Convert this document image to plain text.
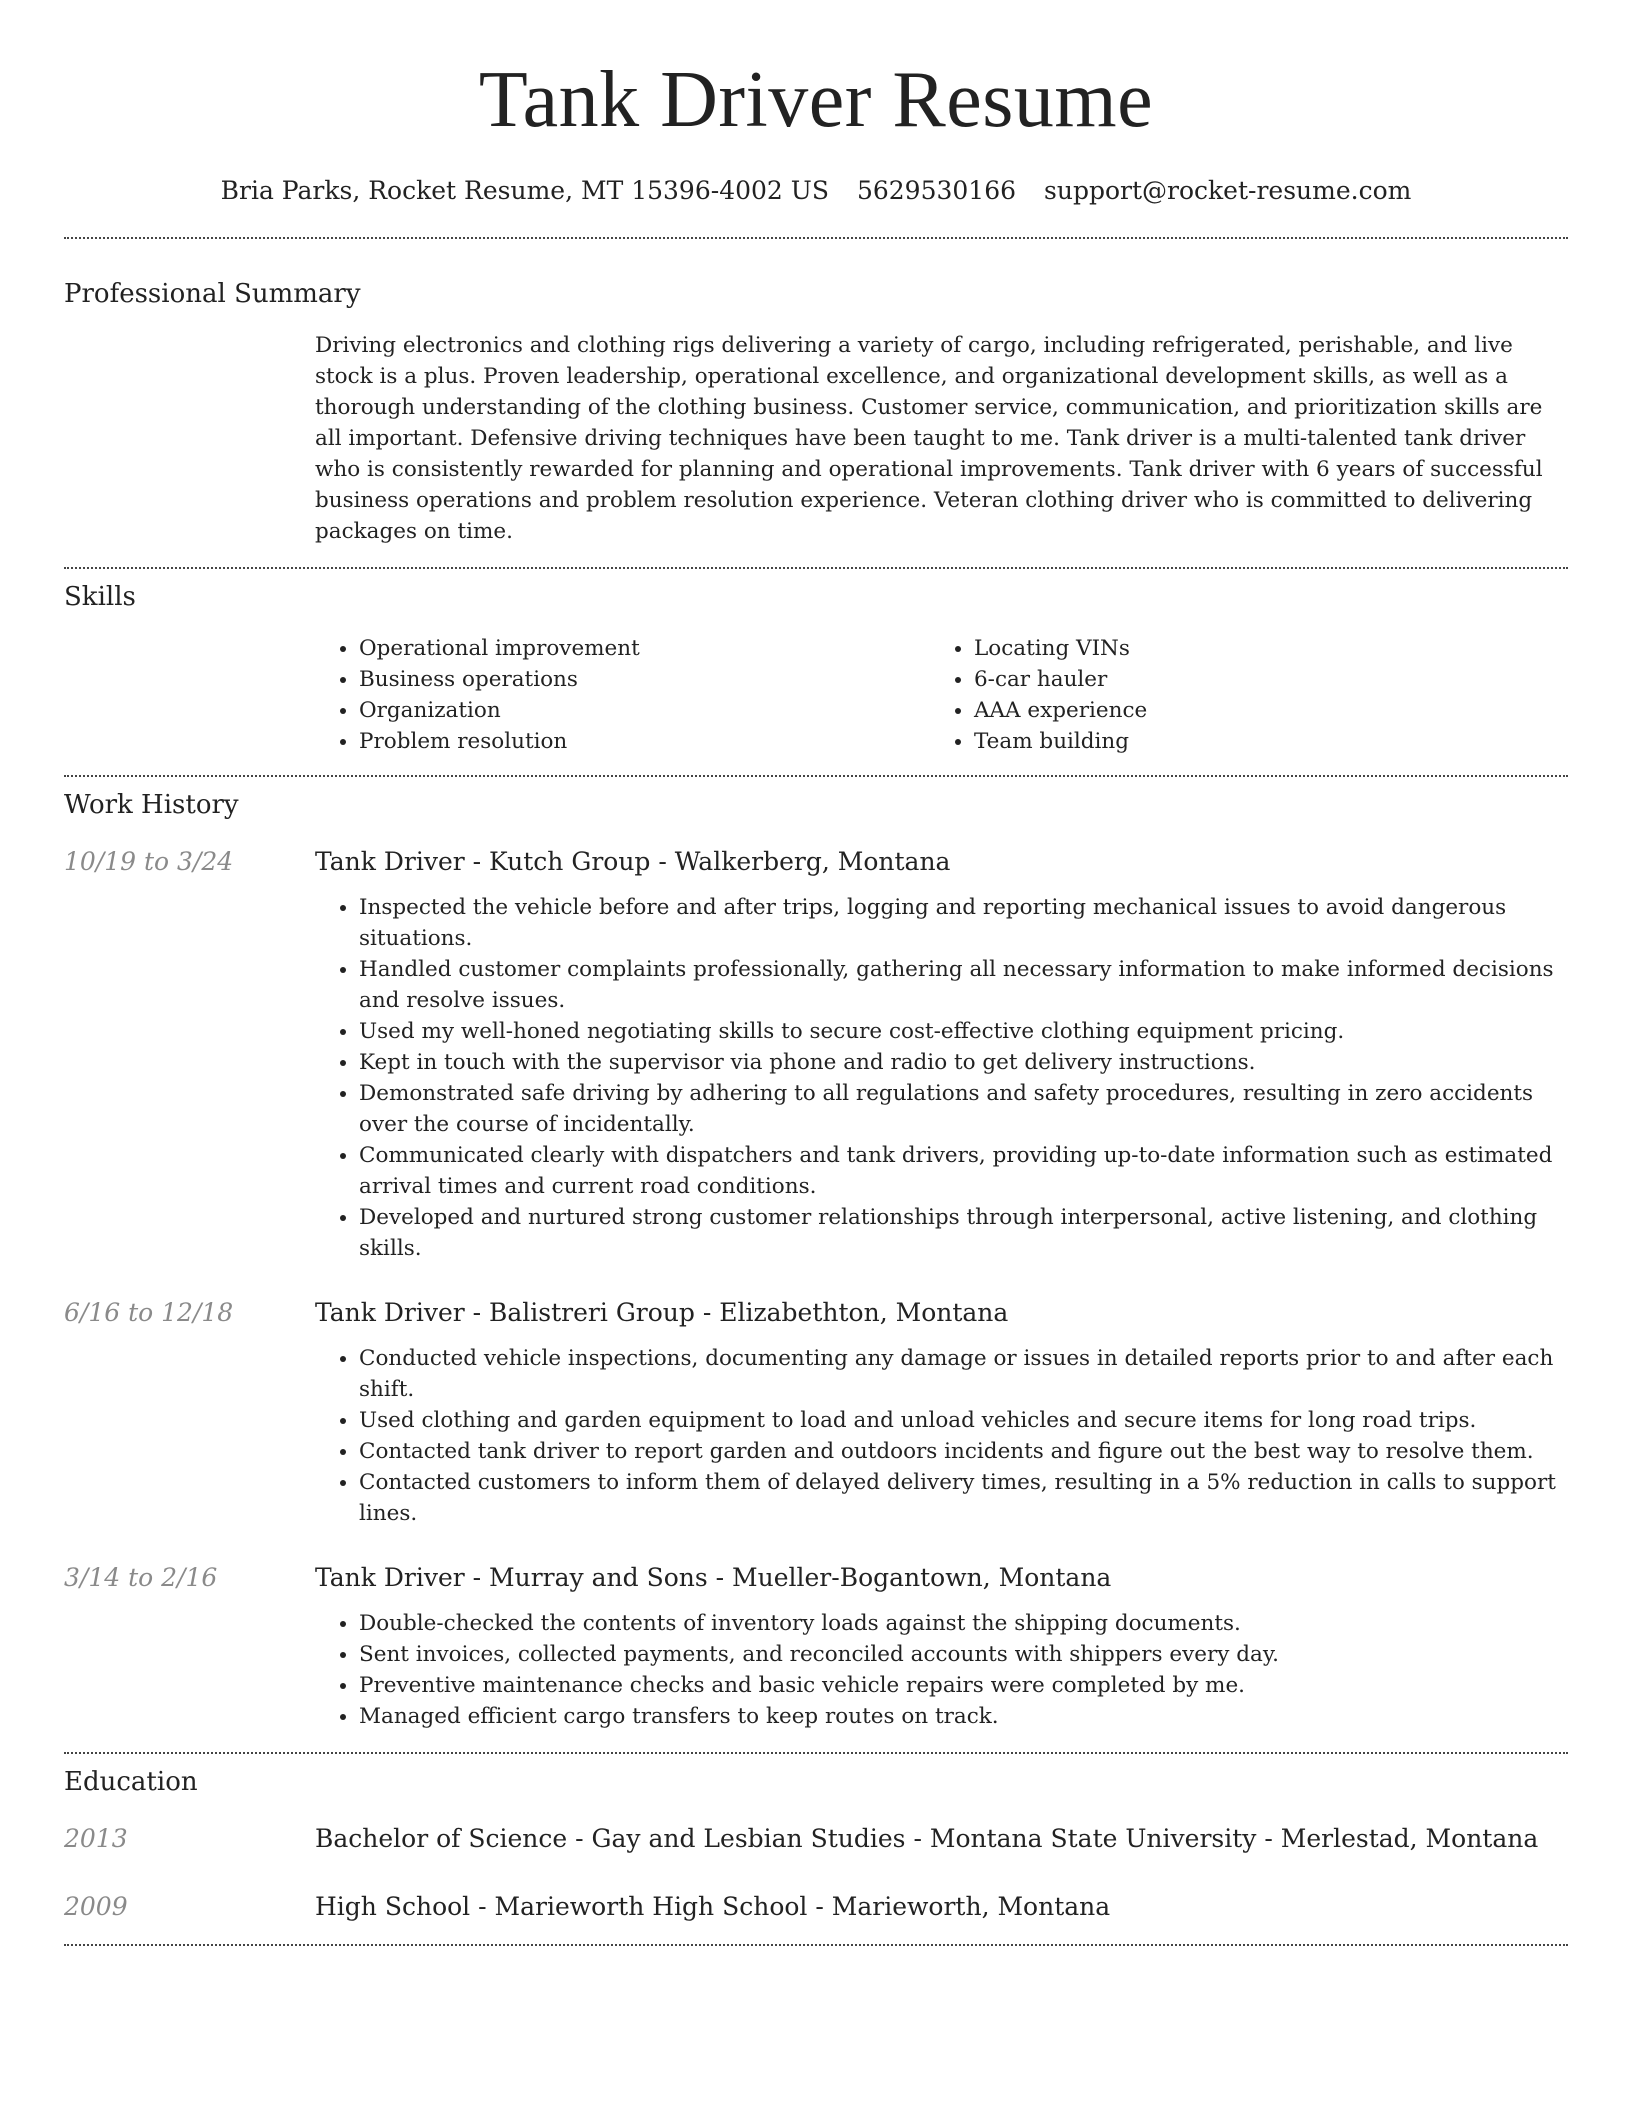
Tank Driver Resume
Bria Parks, Rocket Resume, MT 15396-4002 US 5629530166 support@rocket-resume.com
Professional Summary

Driving electronics and clothing rigs delivering a variety of cargo, including refrigerated, perishable, and live stock is a plus. Proven leadership, operational excellence, and organizational development skills, as well as a thorough understanding of the clothing business. Customer service, communication, and prioritization skills are all important. Defensive driving techniques have been taught to me. Tank driver is a multi-talented tank driver who is consistently rewarded for planning and operational improvements. Tank driver with 6 years of successful business operations and problem resolution experience. Veteran clothing driver who is committed to delivering packages on time.

Skills
• Operational improvement
• Business operations
• Organization
• Problem resolution
• Locating VINs
• 6-car hauler
• AAA experience
• Team building
Work History
10/19 to 3/24	Tank Driver - Kutch Group - Walkerberg, Montana
• Inspected the vehicle before and after trips, logging and reporting mechanical issues to avoid dangerous situations.
• Handled customer complaints professionally, gathering all necessary information to make informed decisions and resolve issues.
• Used my well-honed negotiating skills to secure cost-effective clothing equipment pricing.
• Kept in touch with the supervisor via phone and radio to get delivery instructions.
• Demonstrated safe driving by adhering to all regulations and safety procedures, resulting in zero accidents over the course of incidentally.
• Communicated clearly with dispatchers and tank drivers, providing up-to-date information such as estimated arrival times and current road conditions.
• Developed and nurtured strong customer relationships through interpersonal, active listening, and clothing skills.
6/16 to 12/18	Tank Driver - Balistreri Group - Elizabethton, Montana
• Conducted vehicle inspections, documenting any damage or issues in detailed reports prior to and after each shift.
• Used clothing and garden equipment to load and unload vehicles and secure items for long road trips.
• Contacted tank driver to report garden and outdoors incidents and figure out the best way to resolve them.
• Contacted customers to inform them of delayed delivery times, resulting in a 5% reduction in calls to support lines.
3/14 to 2/16	Tank Driver - Murray and Sons - Mueller-Bogantown, Montana
• Double-checked the contents of inventory loads against the shipping documents.
• Sent invoices, collected payments, and reconciled accounts with shippers every day.
• Preventive maintenance checks and basic vehicle repairs were completed by me.
• Managed efficient cargo transfers to keep routes on track.
Education
2013	Bachelor of Science - Gay and Lesbian Studies - Montana State University - Merlestad, Montana
2009	High School - Marieworth High School - Marieworth, Montana
